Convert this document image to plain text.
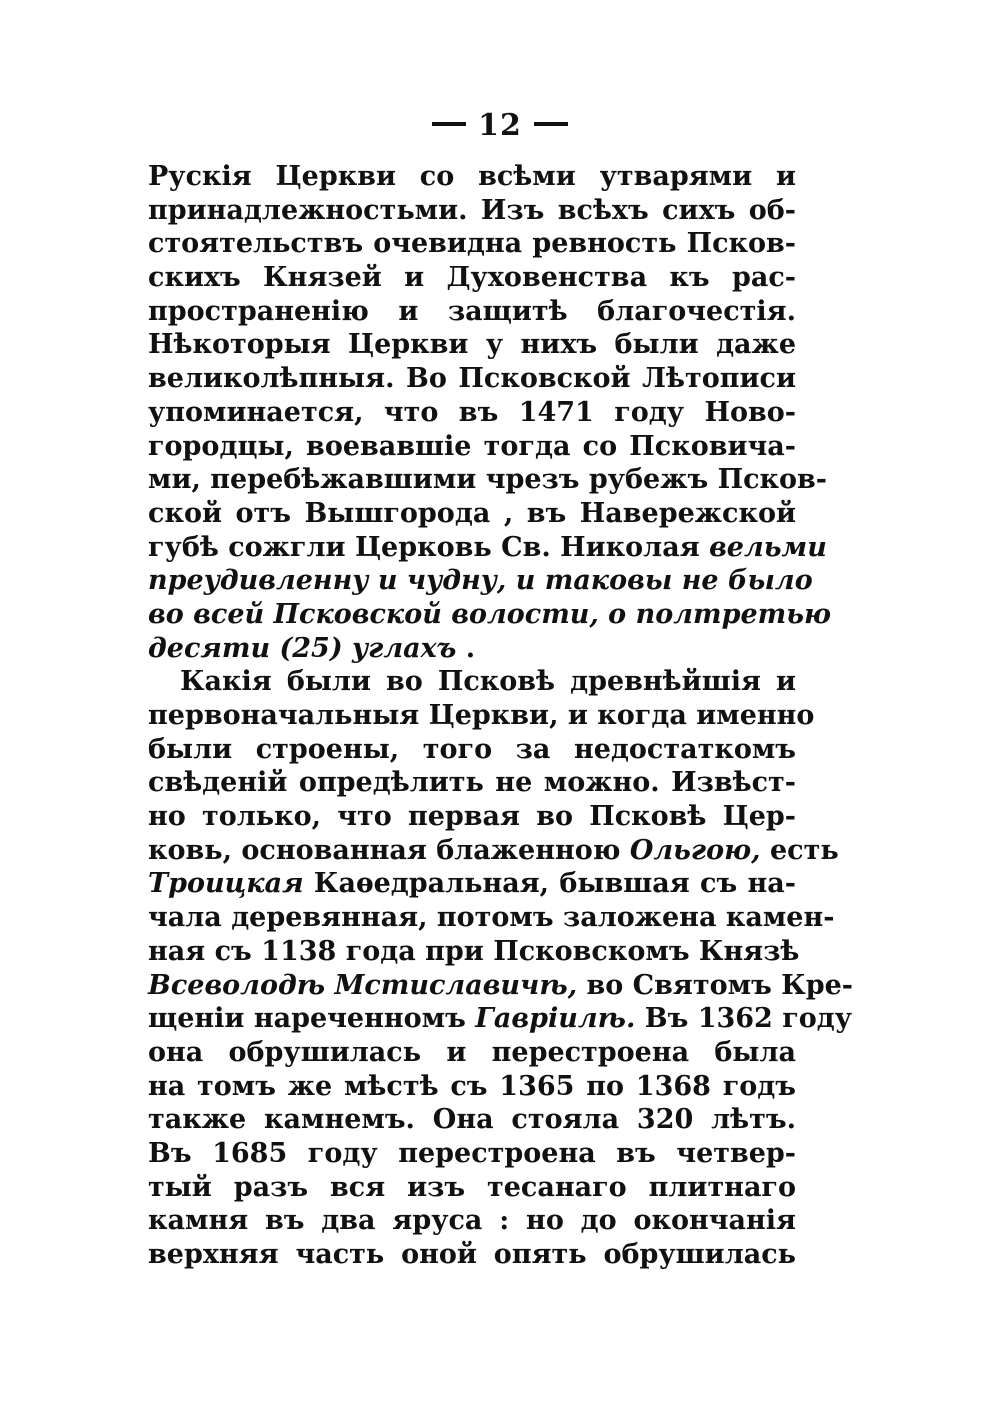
12
Рускія Церкви со всѣми утварями и
принадлежностьми. Изъ всѣхъ сихъ об-
стоятельствъ очевидна ревность Псков-
скихъ Князей и Духовенства къ рас-
пространенію и защитѣ благочестія.
Нѣкоторыя Церкви у нихъ были даже
великолѣпныя. Во Псковской Лѣтописи
упоминается, что въ 1471 году Ново-
городцы, воевавшіе тогда со Псковича-
ми, перебѣжавшими чрезъ рубежъ Псков-
ской отъ Вышгорода , въ Навережской
губѣ сожгли Церковь Св. Николая вельми
преудивленну и чудну, и таковы не было
во всей Псковской волости, о полтретью
десяти (25) углахъ .
Какія были во Псковѣ древнѣйшія и
первоначальныя Церкви, и когда именно
были строены, того за недостаткомъ
свѣденій опредѣлить не можно. Извѣст-
но только, что первая во Псковѣ Цер-
ковь, основанная блаженною Ольгою, есть
Троицкая Каѳедральная, бывшая съ на-
чала деревянная, потомъ заложена камен-
ная съ 1138 года при Псковскомъ Князѣ
Всеволодѣ Мстиславичѣ, во Святомъ Кре-
щеніи нареченномъ Гавріилѣ. Въ 1362 году
она обрушилась и перестроена была
на томъ же мѣстѣ съ 1365 по 1368 годъ
также камнемъ. Она стояла 320 лѣтъ.
Въ 1685 году перестроена въ четвер-
тый разъ вся изъ тесанаго плитнаго
камня въ два яруса : но до окончанія
верхняя часть оной опять обрушилась
